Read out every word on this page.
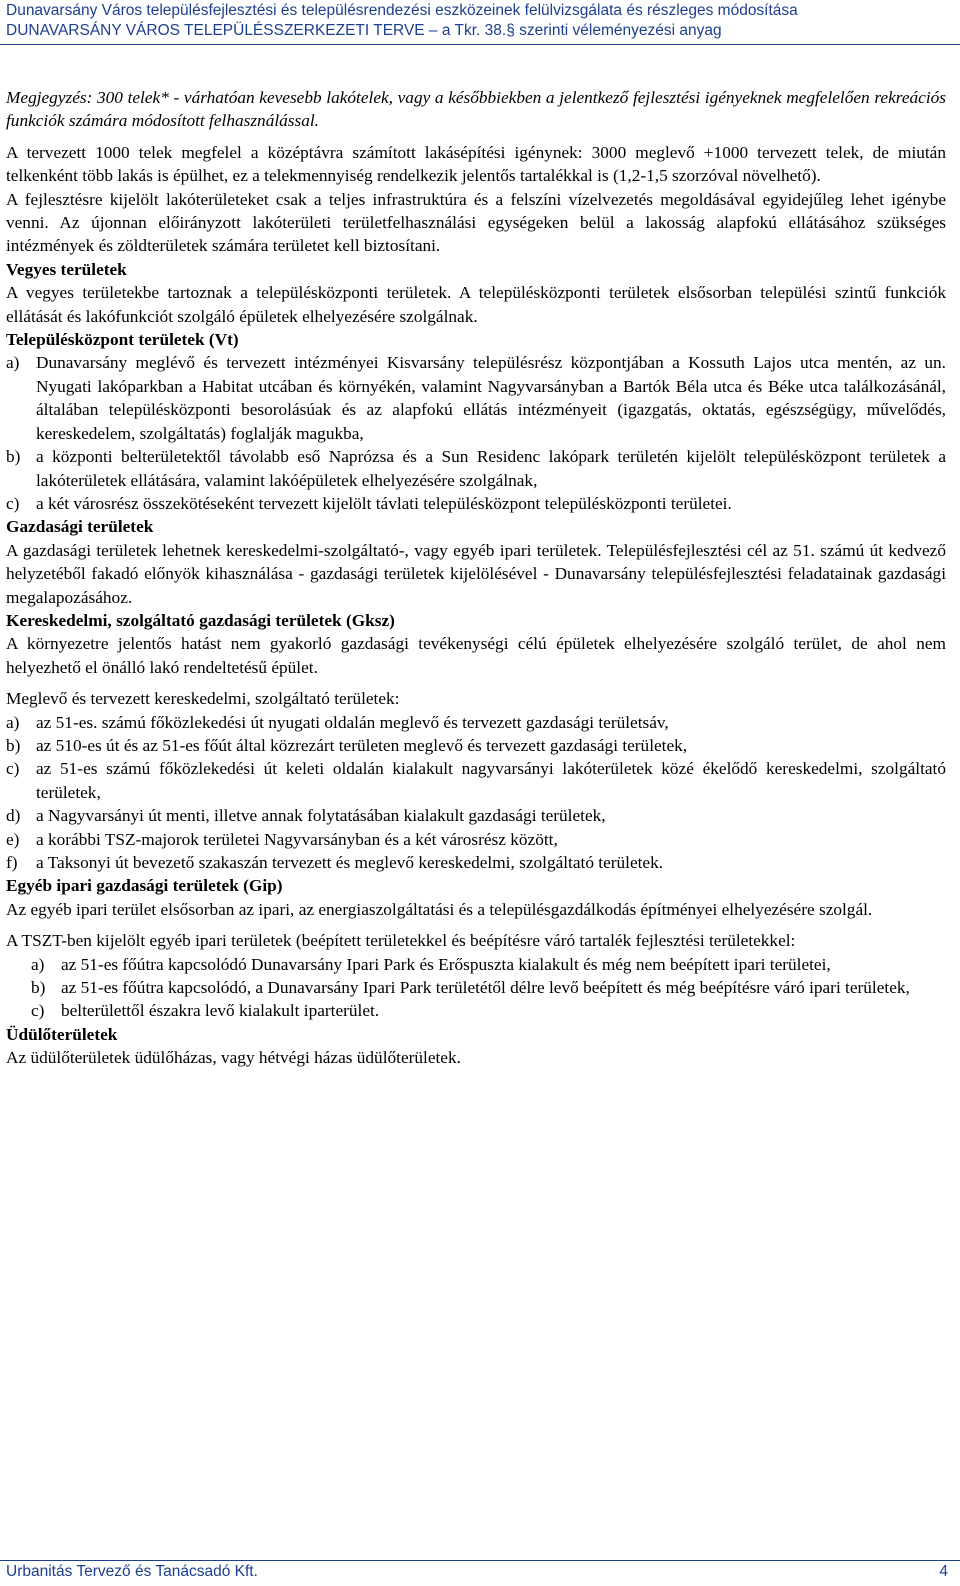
Dunavarsány Város településfejlesztési és településrendezési eszközeinek felülvizsgálata és részleges módosítása
DUNAVARSÁNY VÁROS TELEPÜLÉSSZERKEZETI TERVE – a Tkr. 38.§ szerinti véleményezési anyag

Megjegyzés: 300 telek* - várhatóan kevesebb lakótelek, vagy a későbbiekben a jelentkező fejlesztési igényeknek megfelelően rekreációs funkciók számára módosított felhasználással.

A tervezett 1000 telek megfelel a középtávra számított lakásépítési igénynek: 3000 meglevő +1000 tervezett telek, de miután telkenként több lakás is épülhet, ez a telekmennyiség rendelkezik jelentős tartalékkal is (1,2-1,5 szorzóval növelhető).

A fejlesztésre kijelölt lakóterületeket csak a teljes infrastruktúra és a felszíni vízelvezetés megoldásával egyidejűleg lehet igénybe venni. Az újonnan előirányzott lakóterületi területfelhasználási egységeken belül a lakosság alapfokú ellátásához szükséges intézmények és zöldterületek számára területet kell biztosítani.

Vegyes területek

A vegyes területekbe tartoznak a településközponti területek. A településközponti területek elsősorban települési szintű funkciók ellátását és lakófunkciót szolgáló épületek elhelyezésére szolgálnak.

Településközpont területek (Vt)

a) Dunavarsány meglévő és tervezett intézményei Kisvarsány településrész központjában a Kossuth Lajos utca mentén, az un. Nyugati lakóparkban a Habitat utcában és környékén, valamint Nagyvarsányban a Bartók Béla utca és Béke utca találkozásánál, általában településközponti besorolásúak és az alapfokú ellátás intézményeit (igazgatás, oktatás, egészségügy, művelődés, kereskedelem, szolgáltatás) foglalják magukba,
b) a központi belterületektől távolabb eső Naprózsa és a Sun Residenc lakópark területén kijelölt településközpont területek a lakóterületek ellátására, valamint lakóépületek elhelyezésére szolgálnak,
c) a két városrész összekötéseként tervezett kijelölt távlati településközpont településközponti területei.

Gazdasági területek

A gazdasági területek lehetnek kereskedelmi-szolgáltató-, vagy egyéb ipari területek. Településfejlesztési cél az 51. számú út kedvező helyzetéből fakadó előnyök kihasználása - gazdasági területek kijelölésével - Dunavarsány településfejlesztési feladatainak gazdasági megalapozásához.

Kereskedelmi, szolgáltató gazdasági területek (Gksz)

A környezetre jelentős hatást nem gyakorló gazdasági tevékenységi célú épületek elhelyezésére szolgáló terület, de ahol nem helyezhető el önálló lakó rendeltetésű épület.

Meglevő és tervezett kereskedelmi, szolgáltató területek:

a) az 51-es. számú főközlekedési út nyugati oldalán meglevő és tervezett gazdasági területsáv,
b) az 510-es út és az 51-es főút által közrezárt területen meglevő és tervezett gazdasági területek,
c) az 51-es számú főközlekedési út keleti oldalán kialakult nagyvarsányi lakóterületek közé ékelődő kereskedelmi, szolgáltató területek,
d) a Nagyvarsányi út menti, illetve annak folytatásában kialakult gazdasági területek,
e) a korábbi TSZ-majorok területei Nagyvarsányban és a két városrész között,
f)	a Taksonyi út bevezető szakaszán tervezett és meglevő kereskedelmi, szolgáltató területek.

Egyéb ipari gazdasági területek (Gip)

Az egyéb ipari terület elsősorban az ipari, az energiaszolgáltatási és a településgazdálkodás építményei elhelyezésére szolgál.

A TSZT-ben kijelölt egyéb ipari területek (beépített területekkel és beépítésre váró tartalék fejlesztési területekkel:

a) az 51-es főútra kapcsolódó Dunavarsány Ipari Park és Erőspuszta kialakult és még nem beépített ipari területei,
b) az 51-es főútra kapcsolódó, a Dunavarsány Ipari Park területétől délre levő beépített és még beépítésre váró ipari területek,
c) belterülettől északra levő kialakult iparterület.

Üdülőterületek

Az üdülőterületek üdülőházas, vagy hétvégi házas üdülőterületek.

Urbanitás Tervező és Tanácsadó Kft.	4
